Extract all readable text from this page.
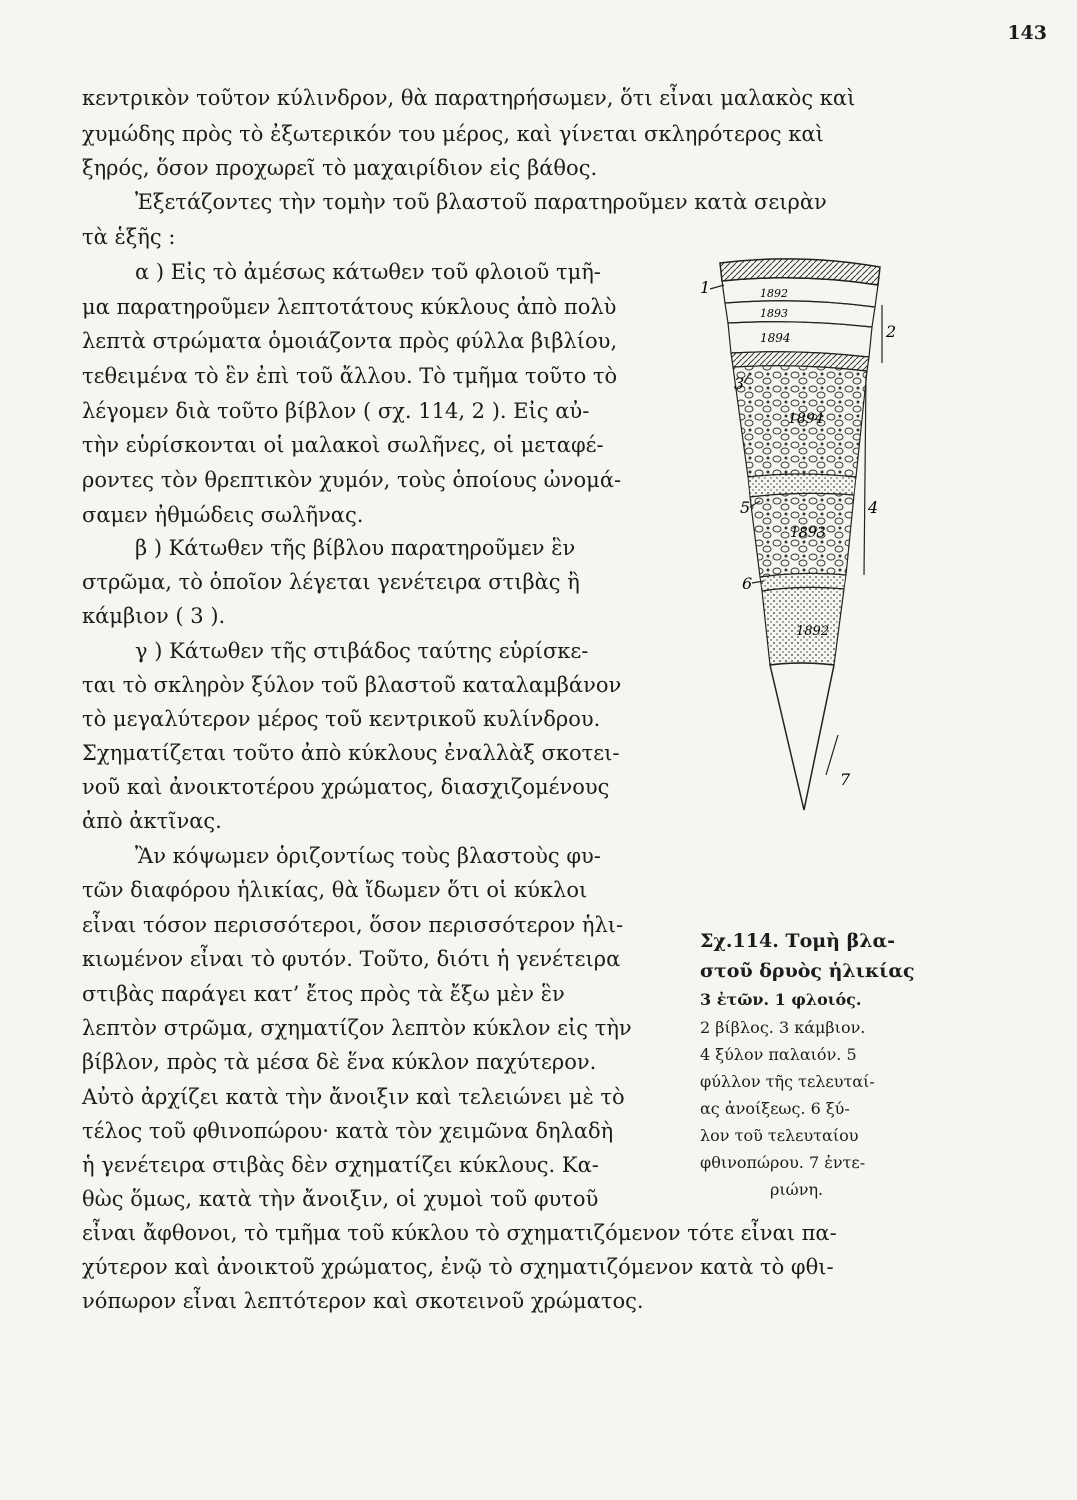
143
κεντρικὸν τοῦτον κύλινδρον, θὰ παρατηρήσωμεν, ὅτι εἶναι μαλακὸς καὶ
χυμώδης πρὸς τὸ ἐξωτερικόν του μέρος, καὶ γίνεται σκληρότερος καὶ
ξηρός, ὅσον προχωρεῖ τὸ μαχαιρίδιον εἰς βάθος.
Ἐξετάζοντες τὴν τομὴν τοῦ βλαστοῦ παρατηροῦμεν κατὰ σειρὰν
τὰ ἑξῆς :
α ) Εἰς τὸ ἀμέσως κάτωθεν τοῦ φλοιοῦ τμῆ-
μα παρατηροῦμεν λεπτοτάτους κύκλους ἀπὸ πολὺ
λεπτὰ στρώματα ὁμοιάζοντα πρὸς φύλλα βιβλίου,
τεθειμένα τὸ ἓν ἐπὶ τοῦ ἄλλου. Τὸ τμῆμα τοῦτο τὸ
λέγομεν διὰ τοῦτο βίβλον ( σχ. 114, 2 ). Εἰς αὐ-
τὴν εὑρίσκονται οἱ μαλακοὶ σωλῆνες, οἱ μεταφέ-
ροντες τὸν θρεπτικὸν χυμόν, τοὺς ὁποίους ὠνομά-
σαμεν ἠθμώδεις σωλῆνας.
β ) Κάτωθεν τῆς βίβλου παρατηροῦμεν ἓν
στρῶμα, τὸ ὁποῖον λέγεται γενέτειρα στιβὰς ἢ
κάμβιον ( 3 ).
γ ) Κάτωθεν τῆς στιβάδος ταύτης εὑρίσκε-
ται τὸ σκληρὸν ξύλον τοῦ βλαστοῦ καταλαμβάνον
τὸ μεγαλύτερον μέρος τοῦ κεντρικοῦ κυλίνδρου.
Σχηματίζεται τοῦτο ἀπὸ κύκλους ἐναλλὰξ σκοτει-
νοῦ καὶ ἀνοικτοτέρου χρώματος, διασχιζομένους
ἀπὸ ἀκτῖνας.
Ἂν κόψωμεν ὁριζοντίως τοὺς βλαστοὺς φυ-
τῶν διαφόρου ἡλικίας, θὰ ἴδωμεν ὅτι οἱ κύκλοι
εἶναι τόσον περισσότεροι, ὅσον περισσότερον ἡλι-
κιωμένον εἶναι τὸ φυτόν. Τοῦτο, διότι ἡ γενέτειρα
στιβὰς παράγει κατ’ ἔτος πρὸς τὰ ἔξω μὲν ἓν
λεπτὸν στρῶμα, σχηματίζον λεπτὸν κύκλον εἰς τὴν
βίβλον, πρὸς τὰ μέσα δὲ ἕνα κύκλον παχύτερον.
Αὐτὸ ἀρχίζει κατὰ τὴν ἄνοιξιν καὶ τελειώνει μὲ τὸ
τέλος τοῦ φθινοπώρου· κατὰ τὸν χειμῶνα δηλαδὴ
ἡ γενέτειρα στιβὰς δὲν σχηματίζει κύκλους. Κα-
θὼς ὅμως, κατὰ τὴν ἄνοιξιν, οἱ χυμοὶ τοῦ φυτοῦ
εἶναι ἄφθονοι, τὸ τμῆμα τοῦ κύκλου τὸ σχηματιζόμενον τότε εἶναι πα-
χύτερον καὶ ἀνοικτοῦ χρώματος, ἐνῷ τὸ σχηματιζόμενον κατὰ τὸ φθι-
νόπωρον εἶναι λεπτότερον καὶ σκοτεινοῦ χρώματος.
Σχ.114. Τομὴ βλα-
στοῦ δρυὸς ἡλικίας
3 ἐτῶν. 1 φλοιός.
2 βίβλος. 3 κάμβιον.
4 ξύλον παλαιόν. 5
φύλλον τῆς τελευταί-
ας ἀνοίξεως. 6 ξύ-
λον τοῦ τελευταίου
φθινοπώρου. 7 ἐντε-
ριώνη.
1892
1893
1894
1894
1893
1892
1
2
3
4
5
6
7
